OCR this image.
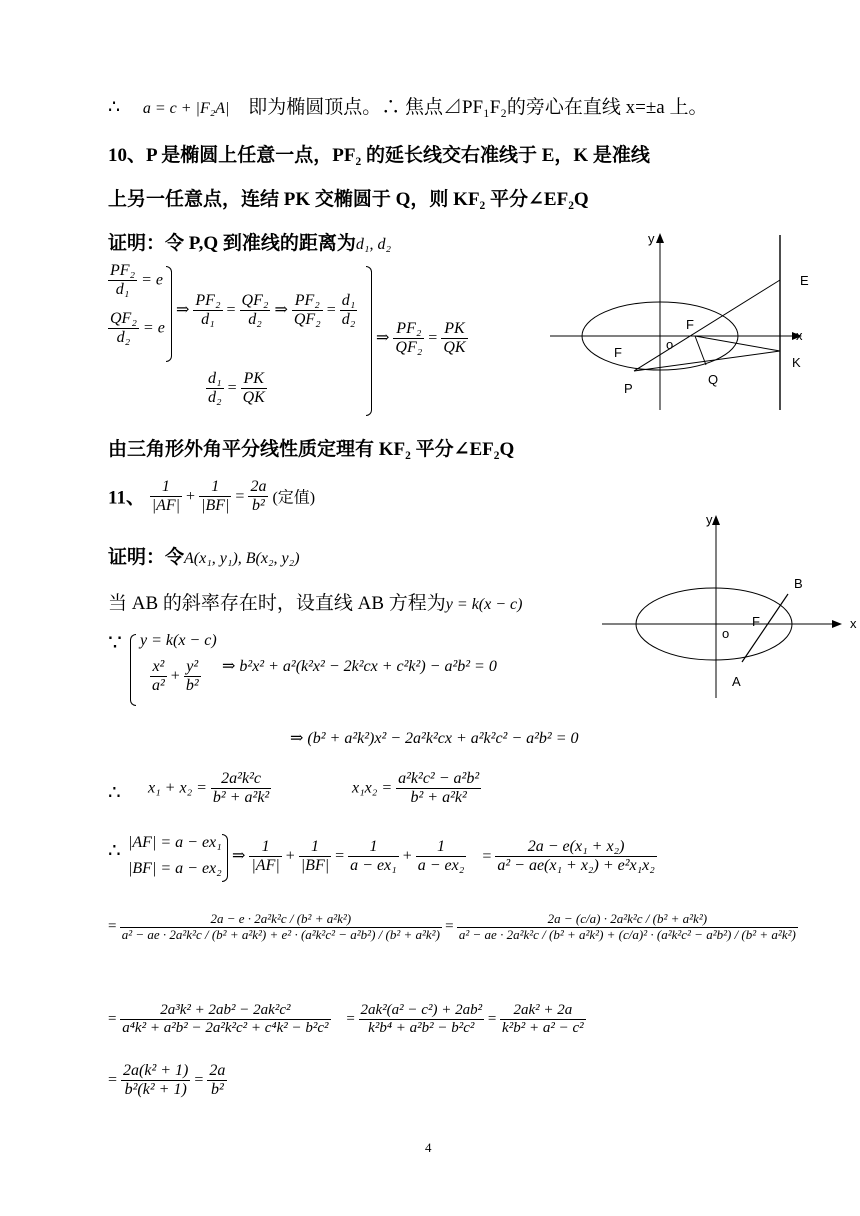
∴ a = c + |F₂A| 即为椭圆顶点。∴ 焦点⊿PF₁F₂的旁心在直线 x=±a 上。
10、P 是椭圆上任意一点，PF₂ 的延长线交右准线于 E，K 是准线
上另一任意点，连结 PK 交椭圆于 Q，则 KF₂ 平分∠EF₂Q
证明：令 P,Q 到准线的距离为d₁, d₂
$\frac{\text{PF₂}}{\text{d₁}} = e$
$\frac{\text{QF₂}}{\text{d₂}} = e$
⇒ $\frac{\text{PF₂}}{\text{d₁}} = \frac{\text{QF₂}}{\text{d₂}}$ ⇒ $\frac{\text{PF₂}}{\text{QF₂}} = \frac{\text{d₁}}{\text{d₂}}$
$\frac{\text{d₁}}{\text{d₂}} = \frac{PK}{QK}$
⇒ $\frac{\text{PF₂}}{\text{QF₂}} = \frac{PK}{QK}$
y
E
F
o
x
F
K
Q
P
由三角形外角平分线性质定理有 KF₂ 平分∠EF₂Q
11、 $\frac{1}{|AF|} + \frac{1}{|BF|} = \frac{2a}{\text{b²}}$ (定值)
证明：令A(x₁, y₁), B(x₂, y₂)
当 AB 的斜率存在时，设直线 AB 方程为y = k(x − c)
y
B
F
o
x
A
∵ y = k(x − c)
$\frac{\text{x²}}{\text{a²}} + \frac{\text{y²}}{\text{b²}}$ ⇒ b²x² + a²(k²x² − 2k²cx + c²k²) − a²b² = 0
⇒ (b² + a²k²)x² − 2a²k²cx + a²k²c² − a²b² = 0
∴ $x_1 + x_2 = \frac{\text{2a²k²c}}{\text{b² + a²k²}}$	$x_1x_2 = \frac{\text{a²k²c² − a²b²}}{\text{b² + a²k²}}$
∴ |AF| = a − ex₁
|BF| = a − ex₂
⇒ $\frac{1}{|AF|} + \frac{1}{|BF|} = \frac{1}{\text{a − ex₁}} + \frac{1}{\text{a − ex₂}} = \frac{\text{2a − e(x₁ + x₂)}}{\text{a² − ae(x₁ + x₂) + e²x₁x₂}}$
=	2a − e · 2a²k²c / (b² + a²k²)
a² − ae · 2a²k²c / (b² + a²k²) + e² · (a²k²c² − a²b²) / (b² + a²k²)
=	2a − (c/a) · 2a²k²c / (b² + a²k²)
a² − ae · 2a²k²c / (b² + a²k²) + (c/a)² · (a²k²c² − a²b²) / (b² + a²k²)
= $\frac{\text{2a³k² + 2ab² − 2ak²c²}}{\text{a⁴k² + a²b² − 2a²k²c² + c⁴k² − b²c²}} = \frac{\text{2ak²(a² − c²) + 2ab²}}{\text{k²b⁴ + a²b² − b²c²}} = \frac{\text{2ak² + 2a}}{\text{k²b² + a² − c²}}$
= $\frac{\text{2a(k² + 1)}}{\text{b²(k² + 1)}} = \frac{2a}{\text{b²}}$
4
